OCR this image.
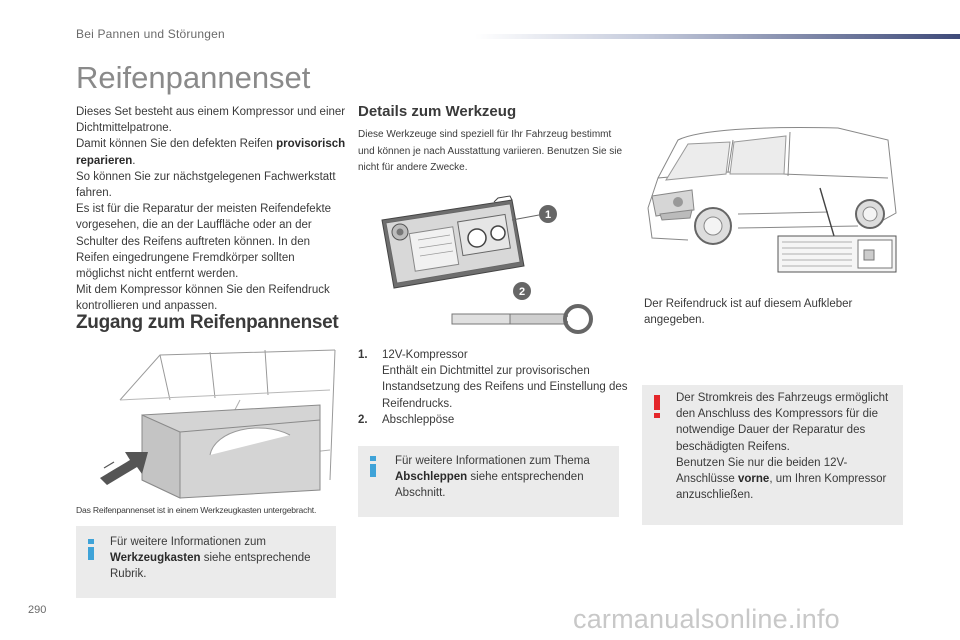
Bei Pannen und Störungen
Reifenpannenset

Dieses Set besteht aus einem Kompressor und einer Dichtmittelpatrone.

Damit können Sie den defekten Reifen provisorisch reparieren.

So können Sie zur nächstgelegenen Fachwerkstatt fahren.

Es ist für die Reparatur der meisten Reifendefekte vorgesehen, die an der Lauffläche oder an der Schulter des Reifens auftreten können. In den Reifen eingedrungene Fremdkörper sollten möglichst nicht entfernt werden.

Mit dem Kompressor können Sie den Reifendruck kontrollieren und anpassen.

Zugang zum Reifenpannenset
Das Reifenpannenset ist in einem Werkzeugkasten untergebracht.
Für weitere Informationen zum Werkzeugkasten siehe entsprechende Rubrik.
Details zum Werkzeug
Diese Werkzeuge sind speziell für Ihr Fahrzeug bestimmt und können je nach Ausstattung variieren. Benutzen Sie sie nicht für andere Zwecke.
1
2
1. 12V-Kompressor
Enthält ein Dichtmittel zur provisorischen Instandsetzung des Reifens und Einstellung des Reifendrucks.
2. Abschleppöse
Für weitere Informationen zum Thema Abschleppen siehe entsprechenden Abschnitt.
Der Reifendruck ist auf diesem Aufkleber angegeben.
Der Stromkreis des Fahrzeugs ermöglicht den Anschluss des Kompressors für die notwendige Dauer der Reparatur des beschädigten Reifens.
Benutzen Sie nur die beiden 12V-Anschlüsse vorne, um Ihren Kompressor anzuschließen.
290	carmanualsonline.info
